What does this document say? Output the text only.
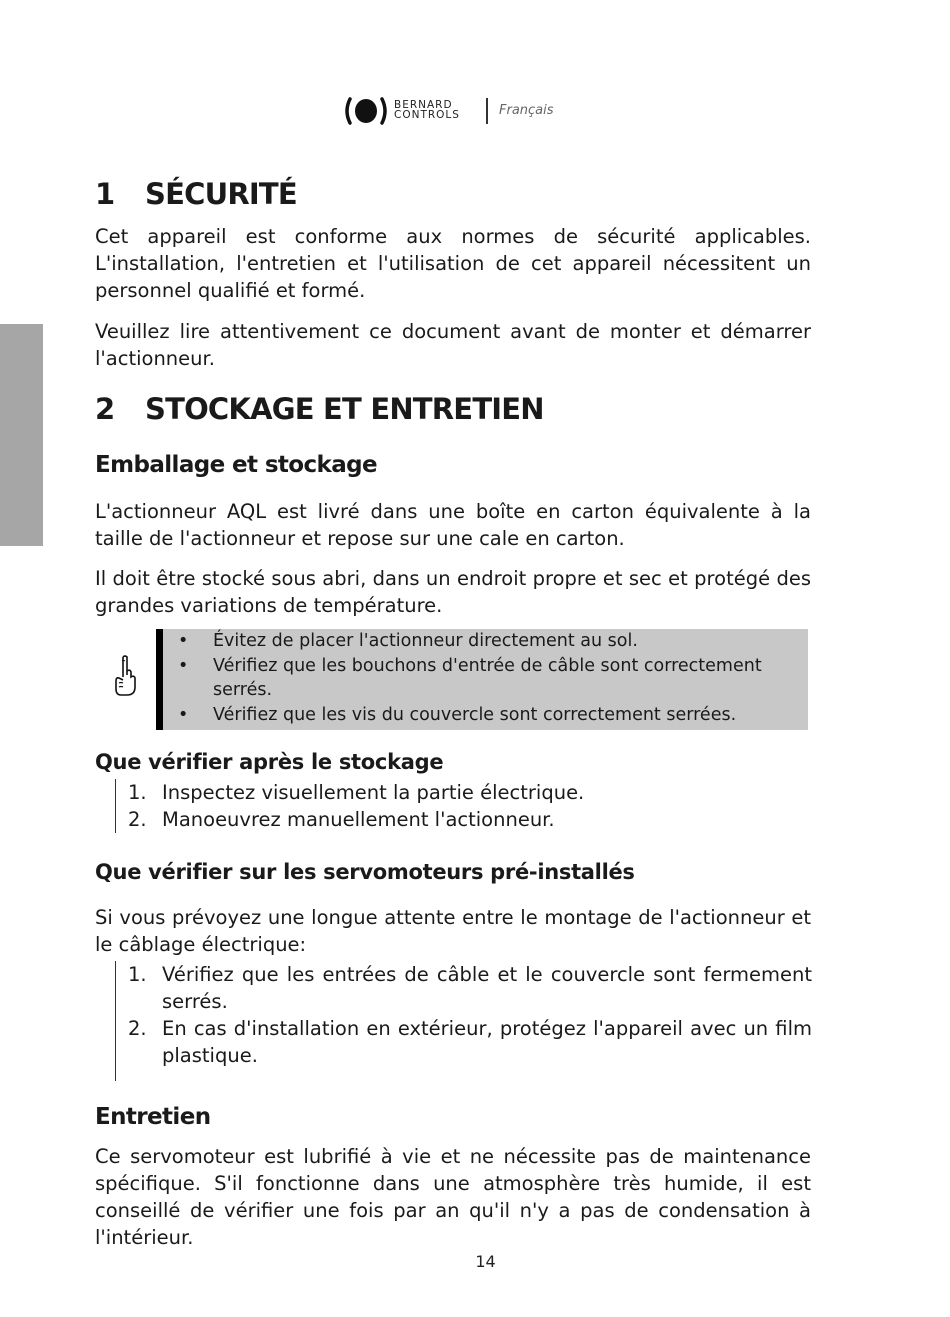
BERNARD
CONTROLS	Français
1 SÉCURITÉ

Cet appareil est conforme aux normes de sécurité applicables. L'installation, l'entretien et l'utilisation de cet appareil nécessitent un personnel qualifié et formé.

Veuillez lire attentivement ce document avant de monter et démarrer l'actionneur.

2 STOCKAGE ET ENTRETIEN
Emballage et stockage

L'actionneur AQL est livré dans une boîte en carton équivalente à la taille de l'actionneur et repose sur une cale en carton.

Il doit être stocké sous abri, dans un endroit propre et sec et protégé des grandes variations de température.

• Évitez de placer l'actionneur directement au sol.
• Vérifiez que les bouchons d'entrée de câble sont correctement serrés.
• Vérifiez que les vis du couvercle sont correctement serrées.
Que vérifier après le stockage
1. Inspectez visuellement la partie électrique.
2. Manoeuvrez manuellement l'actionneur.
Que vérifier sur les servomoteurs pré-installés

Si vous prévoyez une longue attente entre le montage de l'actionneur et le câblage électrique:

1. Vérifiez que les entrées de câble et le couvercle sont fermement serrés.
2. En cas d'installation en extérieur, protégez l'appareil avec un film plastique.
Entretien

Ce servomoteur est lubrifié à vie et ne nécessite pas de maintenance spécifique. S'il fonctionne dans une atmosphère très humide, il est conseillé de vérifier une fois par an qu'il n'y a pas de condensation à l'intérieur.

14
